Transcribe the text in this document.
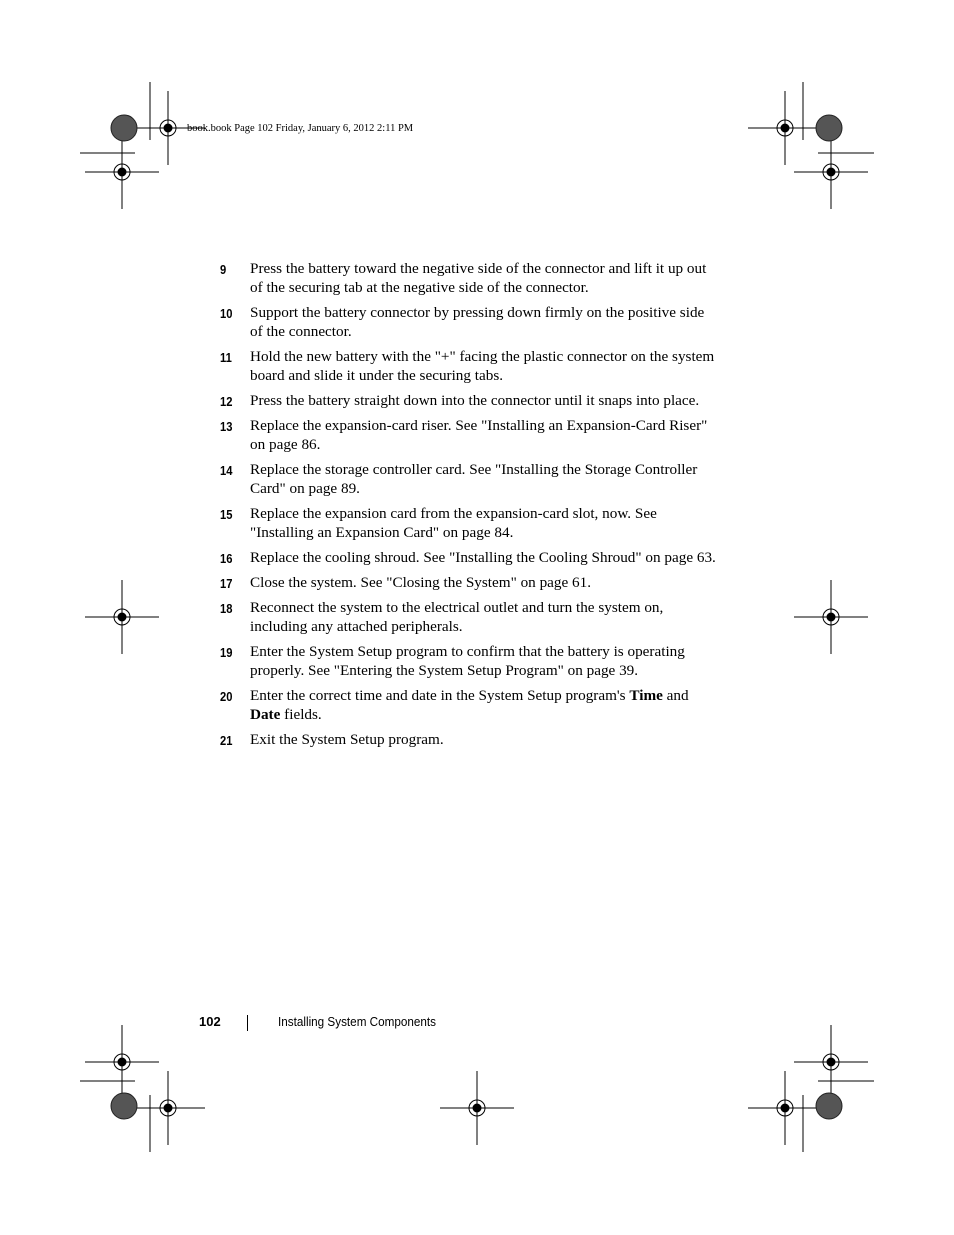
book.book Page 102 Friday, January 6, 2012 2:11 PM
9 Press the battery toward the negative side of the connector and lift it up out of the securing tab at the negative side of the connector.
10 Support the battery connector by pressing down firmly on the positive side of the connector.
11 Hold the new battery with the "+" facing the plastic connector on the system board and slide it under the securing tabs.
12 Press the battery straight down into the connector until it snaps into place.
13 Replace the expansion-card riser. See "Installing an Expansion-Card Riser" on page 86.
14 Replace the storage controller card. See "Installing the Storage Controller Card" on page 89.
15 Replace the expansion card from the expansion-card slot, now. See "Installing an Expansion Card" on page 84.
16 Replace the cooling shroud. See "Installing the Cooling Shroud" on page 63.
17 Close the system. See "Closing the System" on page 61.
18 Reconnect the system to the electrical outlet and turn the system on, including any attached peripherals.
19 Enter the System Setup program to confirm that the battery is operating properly. See "Entering the System Setup Program" on page 39.
20 Enter the correct time and date in the System Setup program's Time and Date fields.
21 Exit the System Setup program.
102	Installing System Components
